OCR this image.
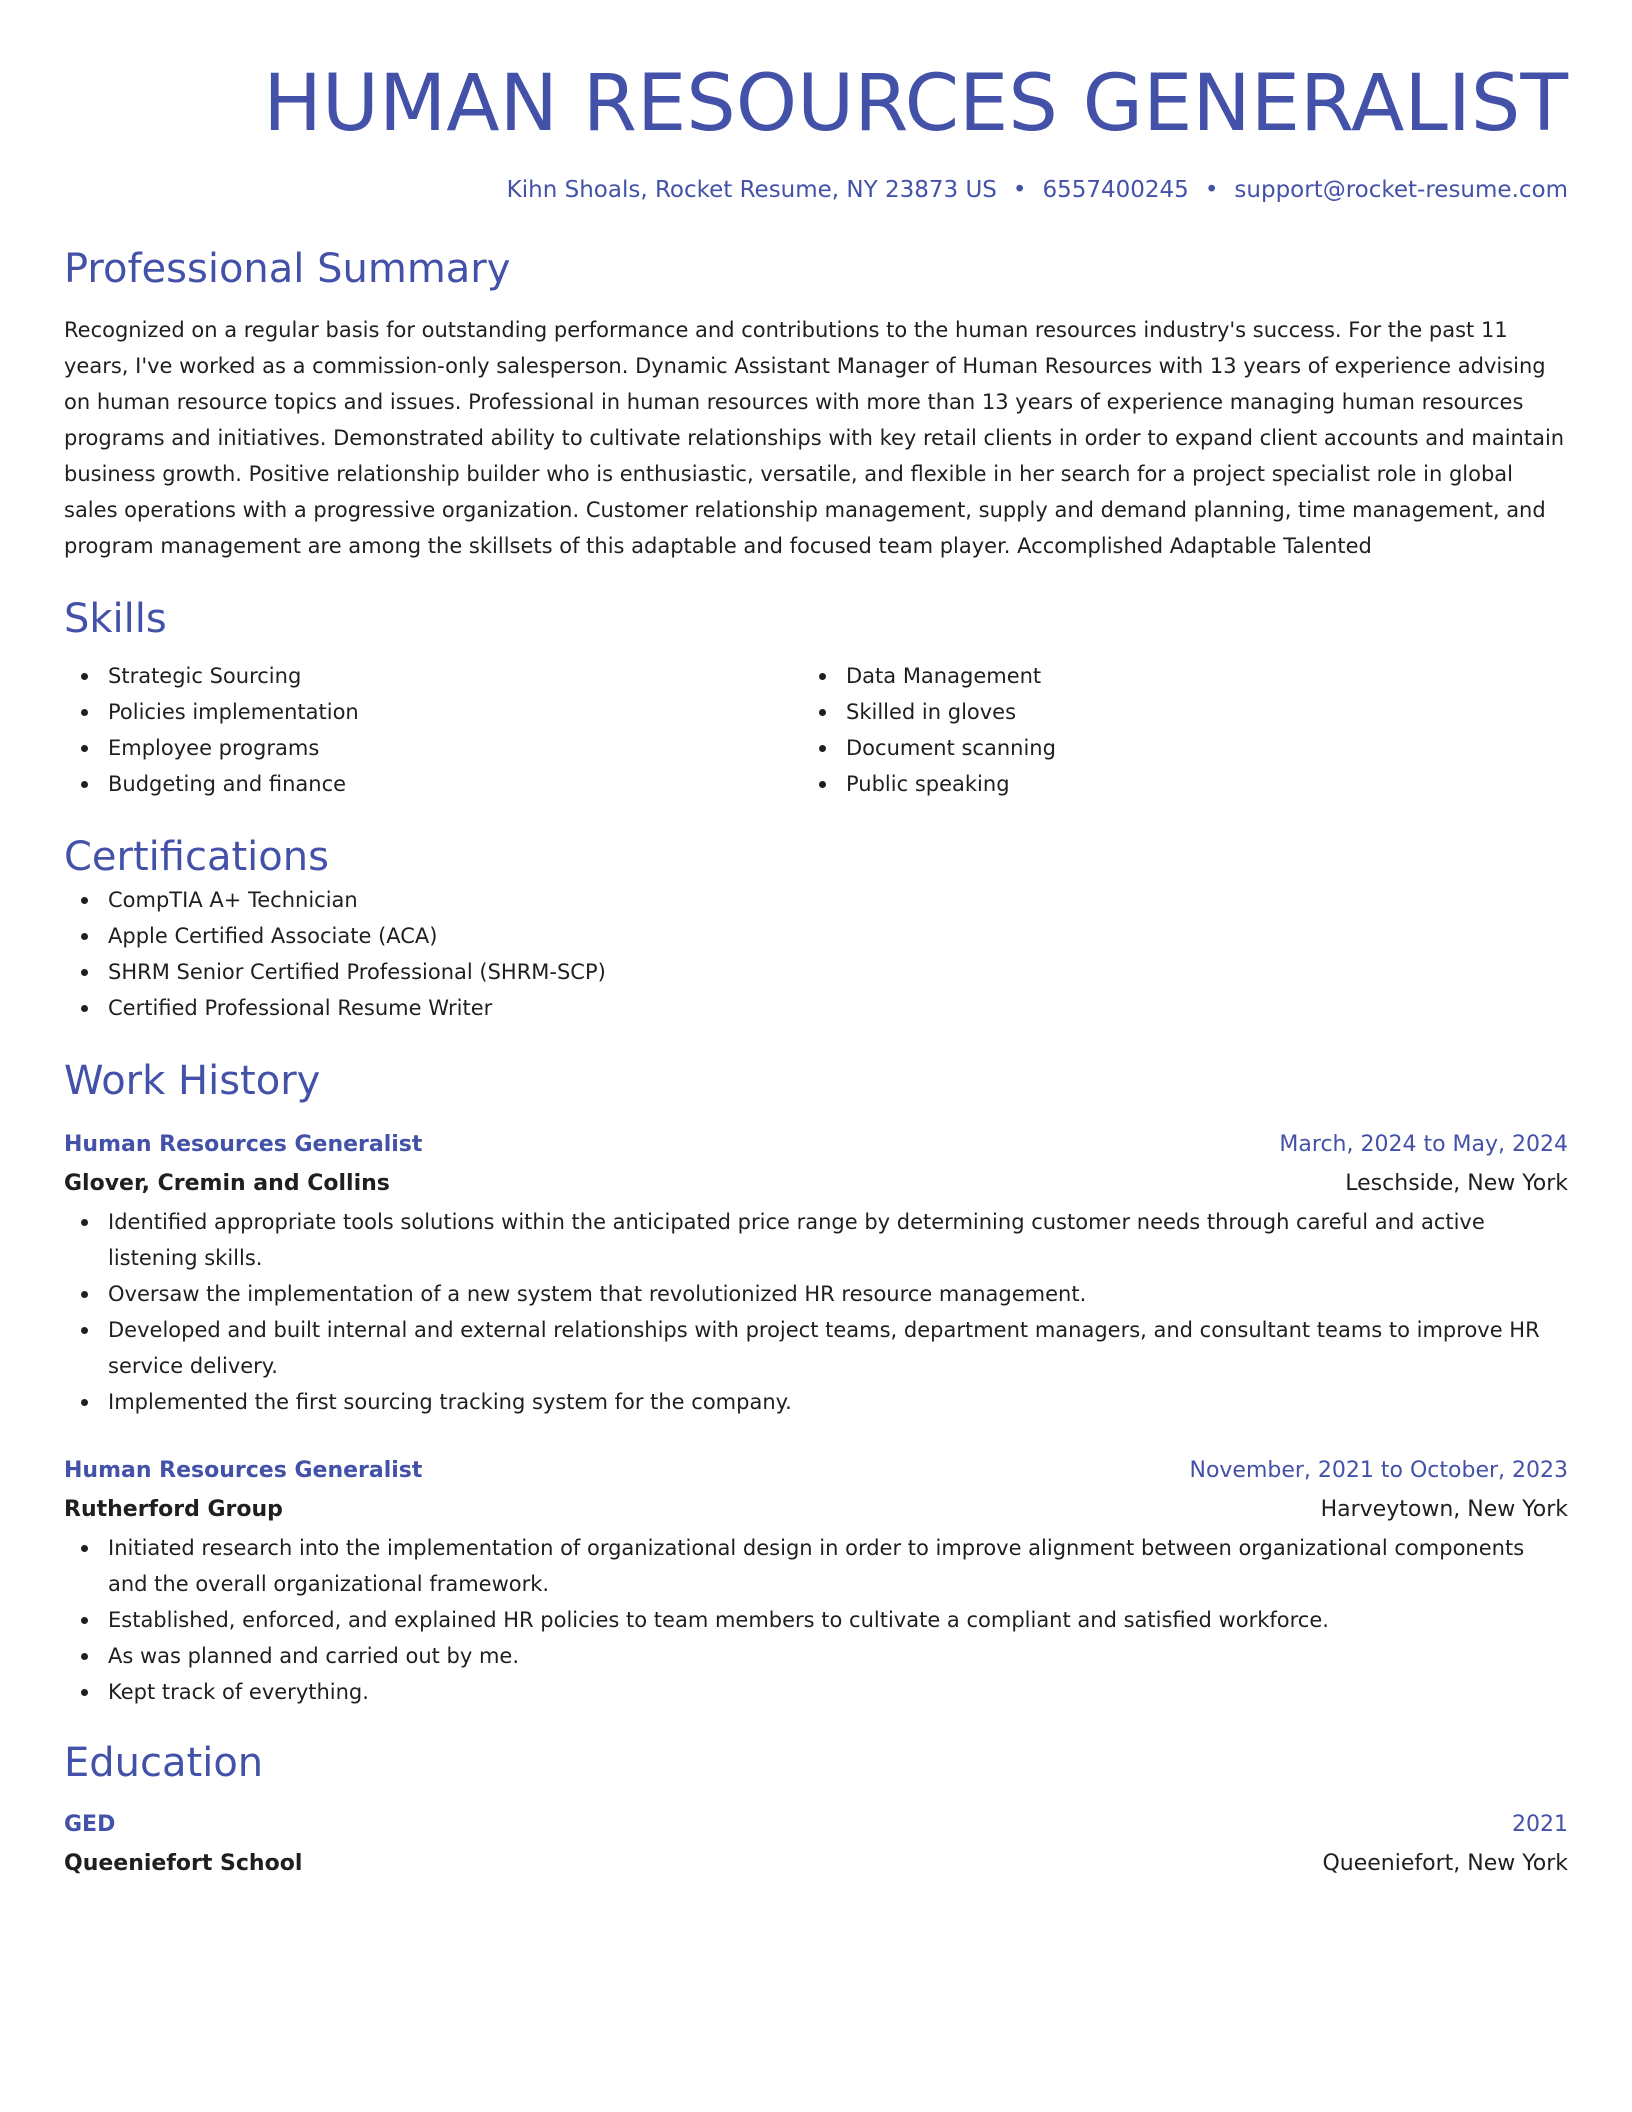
HUMAN RESOURCES GENERALIST
Kihn Shoals, Rocket Resume, NY 23873 US • 6557400245 • support@rocket-resume.com
Professional Summary

Recognized on a regular basis for outstanding performance and contributions to the human resources industry's success. For the past 11 years, I've worked as a commission-only salesperson. Dynamic Assistant Manager of Human Resources with 13 years of experience advising on human resource topics and issues. Professional in human resources with more than 13 years of experience managing human resources programs and initiatives. Demonstrated ability to cultivate relationships with key retail clients in order to expand client accounts and maintain business growth. Positive relationship builder who is enthusiastic, versatile, and flexible in her search for a project specialist role in global sales operations with a progressive organization. Customer relationship management, supply and demand planning, time management, and program management are among the skillsets of this adaptable and focused team player. Accomplished Adaptable Talented

Skills
Strategic Sourcing
Policies implementation
Employee programs
Budgeting and finance
Data Management
Skilled in gloves
Document scanning
Public speaking
Certifications
CompTIA A+ Technician
Apple Certified Associate (ACA)
SHRM Senior Certified Professional (SHRM-SCP)
Certified Professional Resume Writer
Work History
Human Resources Generalist	March, 2024 to May, 2024
Glover, Cremin and Collins	Leschside, New York
Identified appropriate tools solutions within the anticipated price range by determining customer needs through careful and active listening skills.
Oversaw the implementation of a new system that revolutionized HR resource management.
Developed and built internal and external relationships with project teams, department managers, and consultant teams to improve HR service delivery.
Implemented the first sourcing tracking system for the company.
Human Resources Generalist	November, 2021 to October, 2023
Rutherford Group	Harveytown, New York
Initiated research into the implementation of organizational design in order to improve alignment between organizational components and the overall organizational framework.
Established, enforced, and explained HR policies to team members to cultivate a compliant and satisfied workforce.
As was planned and carried out by me.
Kept track of everything.
Education
GED	2021
Queeniefort School	Queeniefort, New York
